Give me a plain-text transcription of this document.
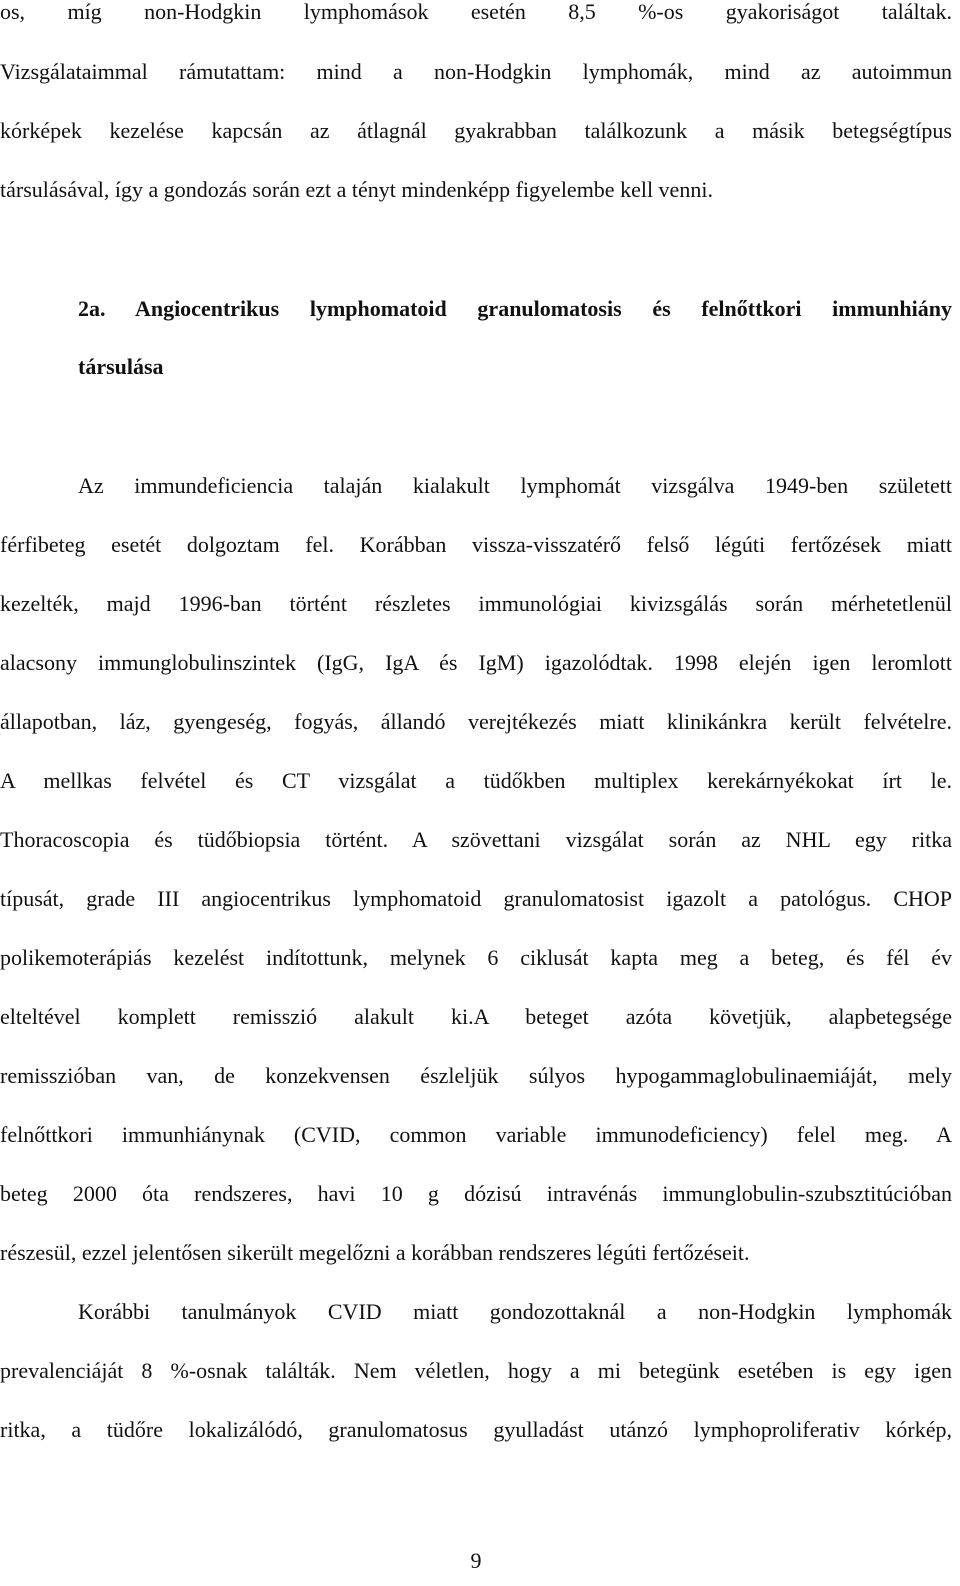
os, míg non-Hodgkin lymphomások esetén 8,5 %-os gyakoriságot találtak.
Vizsgálataimmal rámutattam: mind a non-Hodgkin lymphomák, mind az autoimmun
kórképek kezelése kapcsán az átlagnál gyakrabban találkozunk a másik betegségtípus
társulásával, így a gondozás során ezt a tényt mindenképp figyelembe kell venni.
2a. Angiocentrikus lymphomatoid granulomatosis és felnőttkori immunhiány
társulása
Az immundeficiencia talaján kialakult lymphomát vizsgálva 1949-ben született
férfibeteg esetét dolgoztam fel. Korábban vissza-visszatérő felső légúti fertőzések miatt
kezelték, majd 1996-ban történt részletes immunológiai kivizsgálás során mérhetetlenül
alacsony immunglobulinszintek (IgG, IgA és IgM) igazolódtak. 1998 elején igen leromlott
állapotban, láz, gyengeség, fogyás, állandó verejtékezés miatt klinikánkra került felvételre.
A mellkas felvétel és CT vizsgálat a tüdőkben multiplex kerekárnyékokat írt le.
Thoracoscopia és tüdőbiopsia történt. A szövettani vizsgálat során az NHL egy ritka
típusát, grade III angiocentrikus lymphomatoid granulomatosist igazolt a patológus. CHOP
polikemoterápiás kezelést indítottunk, melynek 6 ciklusát kapta meg a beteg, és fél év
elteltével komplett remisszió alakult ki.A beteget azóta követjük, alapbetegsége
remisszióban van, de konzekvensen észleljük súlyos hypogammaglobulinaemiáját, mely
felnőttkori immunhiánynak (CVID, common variable immunodeficiency) felel meg. A
beteg 2000 óta rendszeres, havi 10 g dózisú intravénás immunglobulin-szubsztitúcióban
részesül, ezzel jelentősen sikerült megelőzni a korábban rendszeres légúti fertőzéseit.
Korábbi tanulmányok CVID miatt gondozottaknál a non-Hodgkin lymphomák
prevalenciáját 8 %-osnak találták. Nem véletlen, hogy a mi betegünk esetében is egy igen
ritka, a tüdőre lokalizálódó, granulomatosus gyulladást utánzó lymphoproliferativ kórkép,
9
